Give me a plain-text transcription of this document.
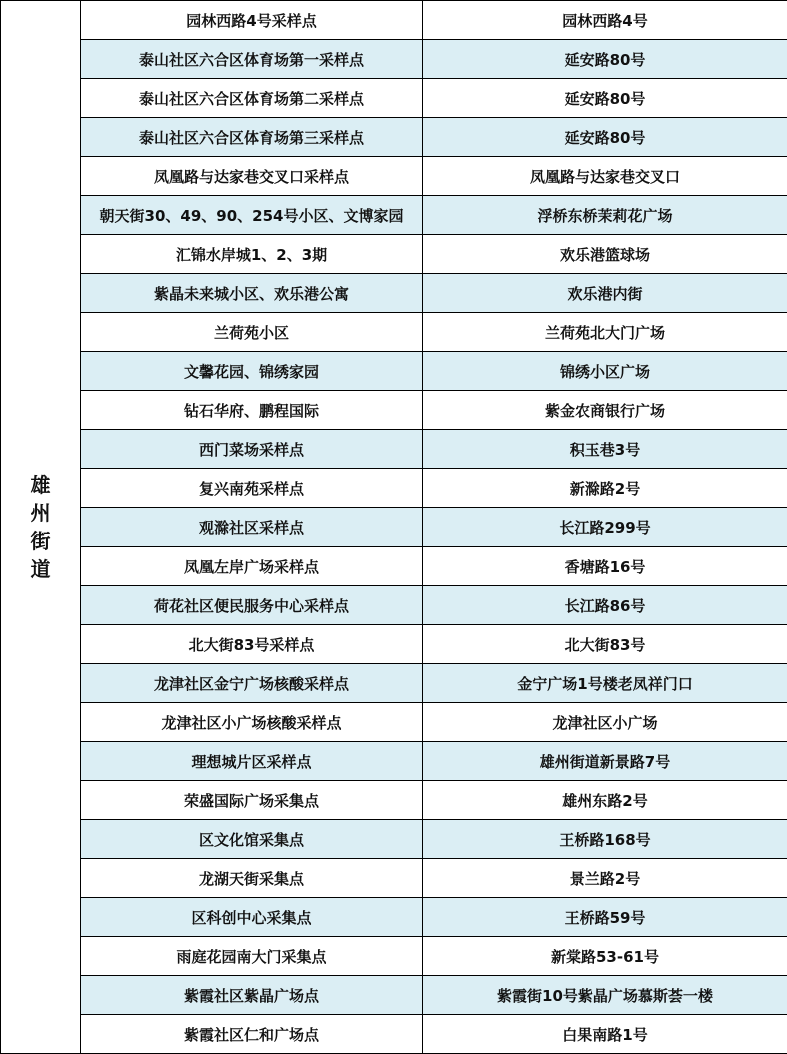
雄
州
街
道	园林西路4号采样点	园林西路4号
	泰山社区六合区体育场第一采样点	延安路80号
	泰山社区六合区体育场第二采样点	延安路80号
	泰山社区六合区体育场第三采样点	延安路80号
	凤凰路与达家巷交叉口采样点	凤凰路与达家巷交叉口
	朝天街30、49、90、254号小区、文博家园	浮桥东桥茉莉花广场
	汇锦水岸城1、2、3期	欢乐港篮球场
	紫晶未来城小区、欢乐港公寓	欢乐港内街
	兰荷苑小区	兰荷苑北大门广场
	文馨花园、锦绣家园	锦绣小区广场
	钻石华府、鹏程国际	紫金农商银行广场
	西门菜场采样点	积玉巷3号
	复兴南苑采样点	新滁路2号
	观滁社区采样点	长江路299号
	凤凰左岸广场采样点	香塘路16号
	荷花社区便民服务中心采样点	长江路86号
	北大街83号采样点	北大街83号
	龙津社区金宁广场核酸采样点	金宁广场1号楼老凤祥门口
	龙津社区小广场核酸采样点	龙津社区小广场
	理想城片区采样点	雄州街道新景路7号
	荣盛国际广场采集点	雄州东路2号
	区文化馆采集点	王桥路168号
	龙湖天街采集点	景兰路2号
	区科创中心采集点	王桥路59号
	雨庭花园南大门采集点	新棠路53-61号
	紫霞社区紫晶广场点	紫霞街10号紫晶广场慕斯荟一楼
	紫霞社区仁和广场点	白果南路1号
